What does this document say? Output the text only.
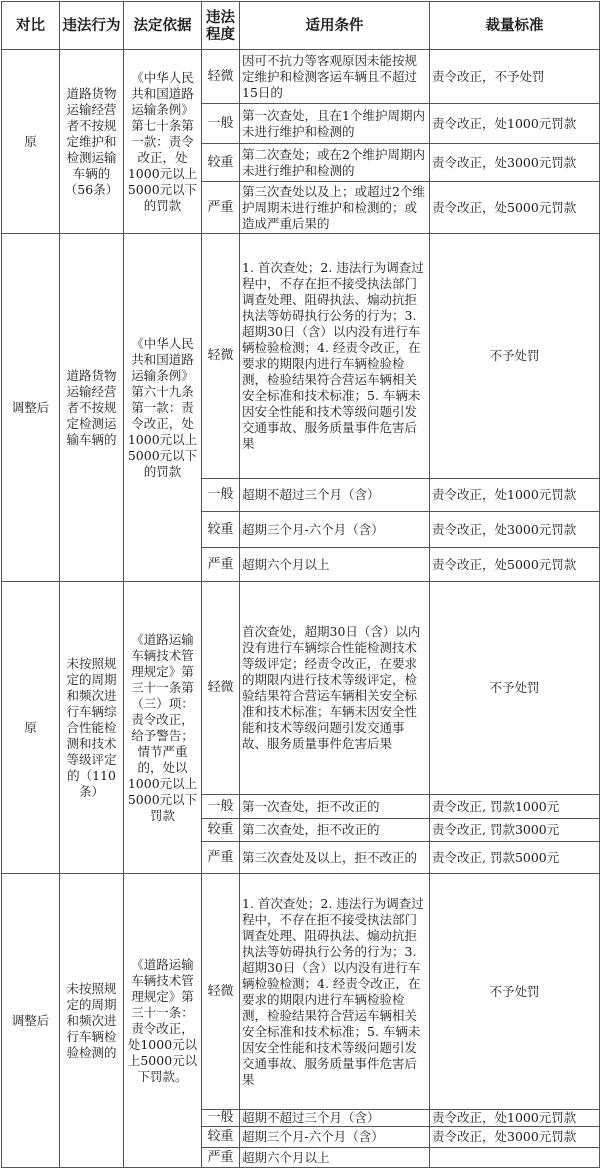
对比	违法行为	法定依据	违法程度	适用条件	裁量标准
原	道路货物运输经营者不按规定维护和检测运输车辆的（56条）	《中华人民共和国道路运输条例》第七十条第一款：责令改正，处1000元以上5000元以下的罚款	轻微	因可不抗力等客观原因未能按规定维护和检测客运车辆且不超过15日的	责令改正，不予处罚
			一般	第一次查处，且在1个维护周期内未进行维护和检测的	责令改正，处1000元罚款
			较重	第二次查处；或在2个维护周期内未进行维护和检测的	责令改正，处3000元罚款
			严重	第三次查处以及上；或超过2个维护周期未进行维护和检测的；或造成严重后果的	责令改正，处5000元罚款
调整后	道路货物运输经营者不按规定检测运输车辆的	《中华人民共和国道路运输条例》第六十九条第一款：责令改正，处1000元以上5000元以下的罚款	轻微	1. 首次查处；2. 违法行为调查过程中，不存在拒不接受执法部门调查处理、阻碍执法、煽动抗拒执法等妨碍执行公务的行为；3. 超期30日（含）以内没有进行车辆检验检测；4. 经责令改正，在要求的期限内进行车辆检验检测，检验结果符合营运车辆相关安全标准和技术标准；5. 车辆未因安全性能和技术等级问题引发交通事故、服务质量事件危害后果	不予处罚
			一般	超期不超过三个月（含）	责令改正，处1000元罚款
			较重	超期三个月-六个月（含）	责令改正，处3000元罚款
			严重	超期六个月以上	责令改正，处5000元罚款
原	未按照规定的周期和频次进行车辆综合性能检测和技术等级评定的（110条）	《道路运输车辆技术管理规定》第三十一条第（三）项：责令改正，给予警告；情节严重的，处以1000元以上5000元以下罚款	轻微	首次查处，超期30日（含）以内没有进行车辆综合性能检测技术等级评定；经责令改正，在要求的期限内进行技术等级评定，检验结果符合营运车辆相关安全标准和技术标准；车辆未因安全性能和技术等级问题引发交通事故、服务质量事件危害后果	不予处罚
			一般	第一次查处，拒不改正的	责令改正, 罚款1000元
			较重	第二次查处，拒不改正的	责令改正, 罚款3000元
			严重	第三次查处及以上，拒不改正的	责令改正, 罚款5000元
调整后	未按照规定的周期和频次进行车辆检验检测的	《道路运输车辆技术管理规定》第三十一条：责令改正，处1000元以上5000元以下罚款。	轻微	1. 首次查处；2. 违法行为调查过程中，不存在拒不接受执法部门调查处理、阻碍执法、煽动抗拒执法等妨碍执行公务的行为；3. 超期30日（含）以内没有进行车辆检验检测；4. 经责令改正，在要求的期限内进行车辆检验检测，检验结果符合营运车辆相关安全标准和技术标准；5. 车辆未因安全性能和技术等级问题引发交通事故、服务质量事件危害后果	不予处罚
			一般	超期不超过三个月（含）	责令改正，处1000元罚款
			较重	超期三个月-六个月（含）	责令改正，处3000元罚款
			严重	超期六个月以上	
